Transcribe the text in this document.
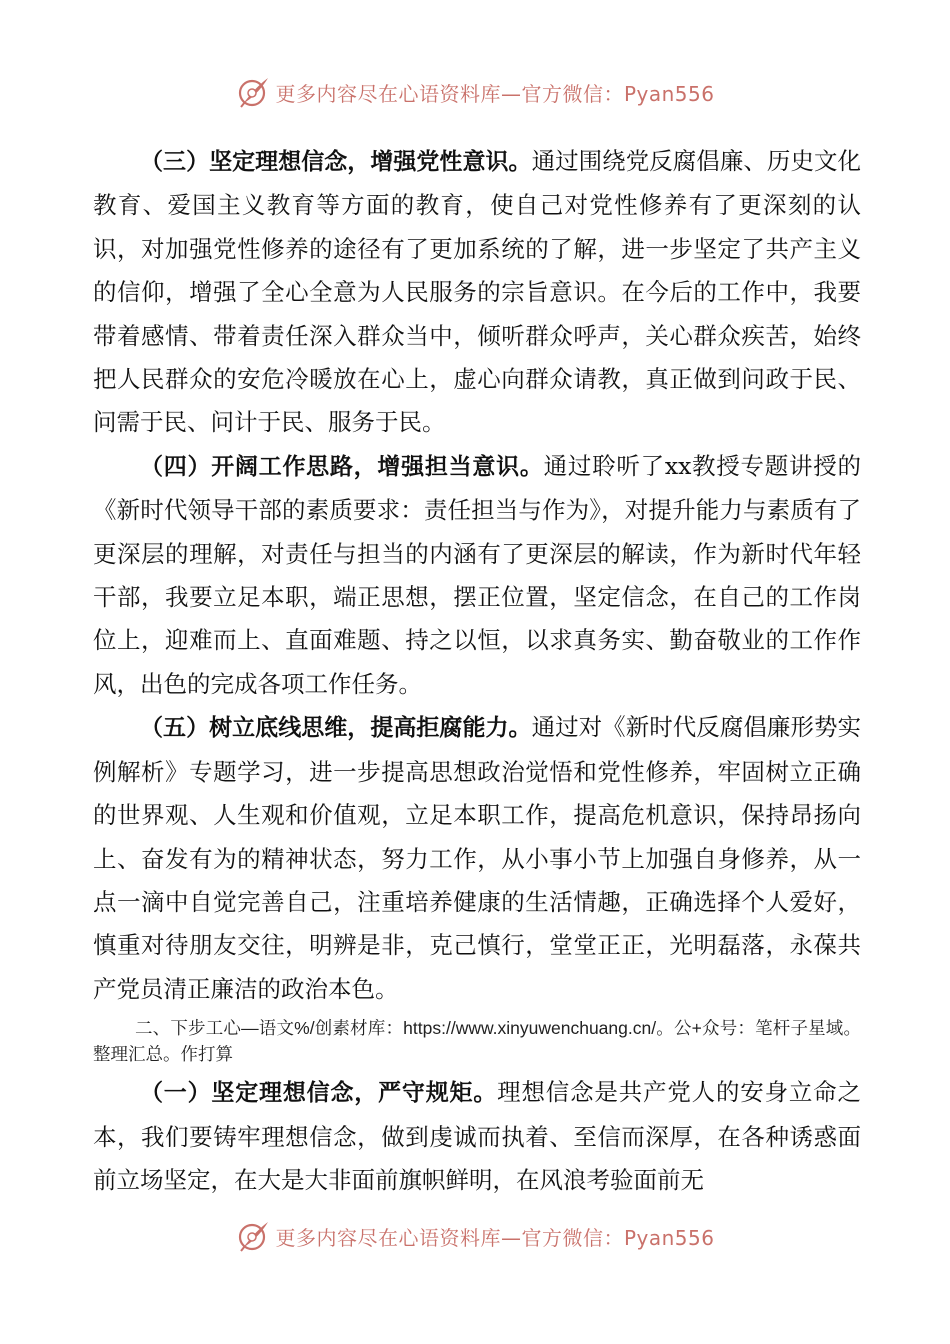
更多内容尽在心语资料库—官方微信：Pyan556

（三）坚定理想信念，增强党性意识。通过围绕党反腐倡廉、历史文化教育、爱国主义教育等方面的教育，使自己对党性修养有了更深刻的认识，对加强党性修养的途径有了更加系统的了解，进一步坚定了共产主义的信仰，增强了全心全意为人民服务的宗旨意识。在今后的工作中，我要带着感情、带着责任深入群众当中，倾听群众呼声，关心群众疾苦，始终把人民群众的安危冷暖放在心上，虚心向群众请教，真正做到问政于民、问需于民、问计于民、服务于民。

（四）开阔工作思路，增强担当意识。通过聆听了xx教授专题讲授的《新时代领导干部的素质要求：责任担当与作为》，对提升能力与素质有了更深层的理解，对责任与担当的内涵有了更深层的解读，作为新时代年轻干部，我要立足本职，端正思想，摆正位置，坚定信念，在自己的工作岗位上，迎难而上、直面难题、持之以恒，以求真务实、勤奋敬业的工作作风，出色的完成各项工作任务。

（五）树立底线思维，提高拒腐能力。通过对《新时代反腐倡廉形势实例解析》专题学习，进一步提高思想政治觉悟和党性修养，牢固树立正确的世界观、人生观和价值观，立足本职工作，提高危机意识，保持昂扬向上、奋发有为的精神状态，努力工作，从小事小节上加强自身修养，从一点一滴中自觉完善自己，注重培养健康的生活情趣，正确选择个人爱好，慎重对待朋友交往，明辨是非，克己慎行，堂堂正正，光明磊落，永葆共产党员清正廉洁的政治本色。

二、下步工心—语文%/创素材库：https://www.xinyuwenchuang.cn/。公+众号：笔杆子星域。整理汇总。作打算

（一）坚定理想信念，严守规矩。理想信念是共产党人的安身立命之本，我们要铸牢理想信念，做到虔诚而执着、至信而深厚，在各种诱惑面前立场坚定，在大是大非面前旗帜鲜明，在风浪考验面前无

更多内容尽在心语资料库—官方微信：Pyan556
